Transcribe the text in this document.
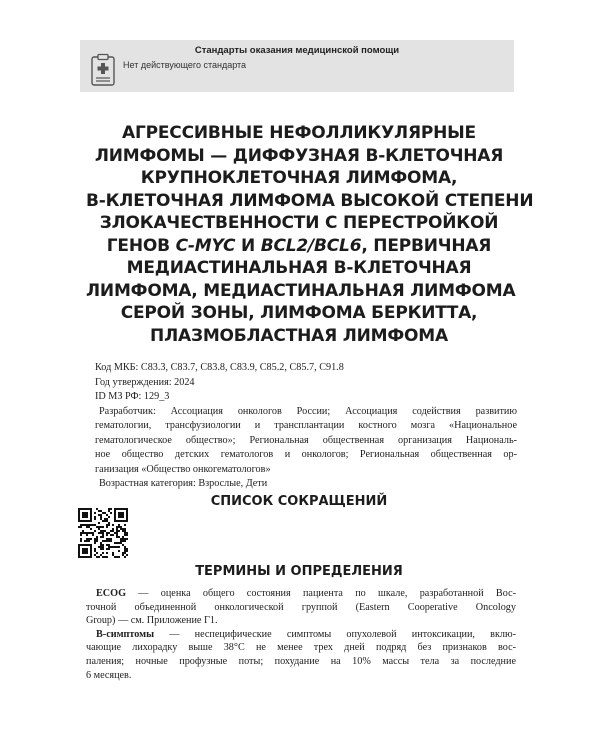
Стандарты оказания медицинской помощи
Нет действующего стандарта
АГРЕССИВНЫЕ НЕФОЛЛИКУЛЯРНЫЕ
ЛИМФОМЫ — ДИФФУЗНАЯ В-КЛЕТОЧНАЯ
КРУПНОКЛЕТОЧНАЯ ЛИМФОМА,
В-КЛЕТОЧНАЯ ЛИМФОМА ВЫСОКОЙ СТЕПЕНИ
ЗЛОКАЧЕСТВЕННОСТИ С ПЕРЕСТРОЙКОЙ
ГЕНОВ C-MYC И BCL2/BCL6, ПЕРВИЧНАЯ
МЕДИАСТИНАЛЬНАЯ В-КЛЕТОЧНАЯ
ЛИМФОМА, МЕДИАСТИНАЛЬНАЯ ЛИМФОМА
СЕРОЙ ЗОНЫ, ЛИМФОМА БЕРКИТТА,
ПЛАЗМОБЛАСТНАЯ ЛИМФОМА
Код МКБ: C83.3, C83.7, C83.8, C83.9, C85.2, C85.7, C91.8
Год утверждения: 2024
ID МЗ РФ: 129_3
Разработчик: Ассоциация онкологов России; Ассоциация содействия развитию
гематологии, трансфузиологии и трансплантации костного мозга «Национальное
гематологическое общество»; Региональная общественная организация Националь-
ное общество детских гематологов и онкологов; Региональная общественная ор-
ганизация «Общество онкогематологов»
Возрастная категория: Взрослые, Дети
СПИСОК СОКРАЩЕНИЙ
ТЕРМИНЫ И ОПРЕДЕЛЕНИЯ
ECOG — оценка общего состояния пациента по шкале, разработанной Вос-
точной объединенной онкологической группой (Eastern Cooperative Oncology
Group) — см. Приложение Г1.
В-симптомы — неспецифические симптомы опухолевой интоксикации, вклю-
чающие лихорадку выше 38°С не менее трех дней подряд без признаков вос-
паления; ночные профузные поты; похудание на 10% массы тела за последние
6 месяцев.
